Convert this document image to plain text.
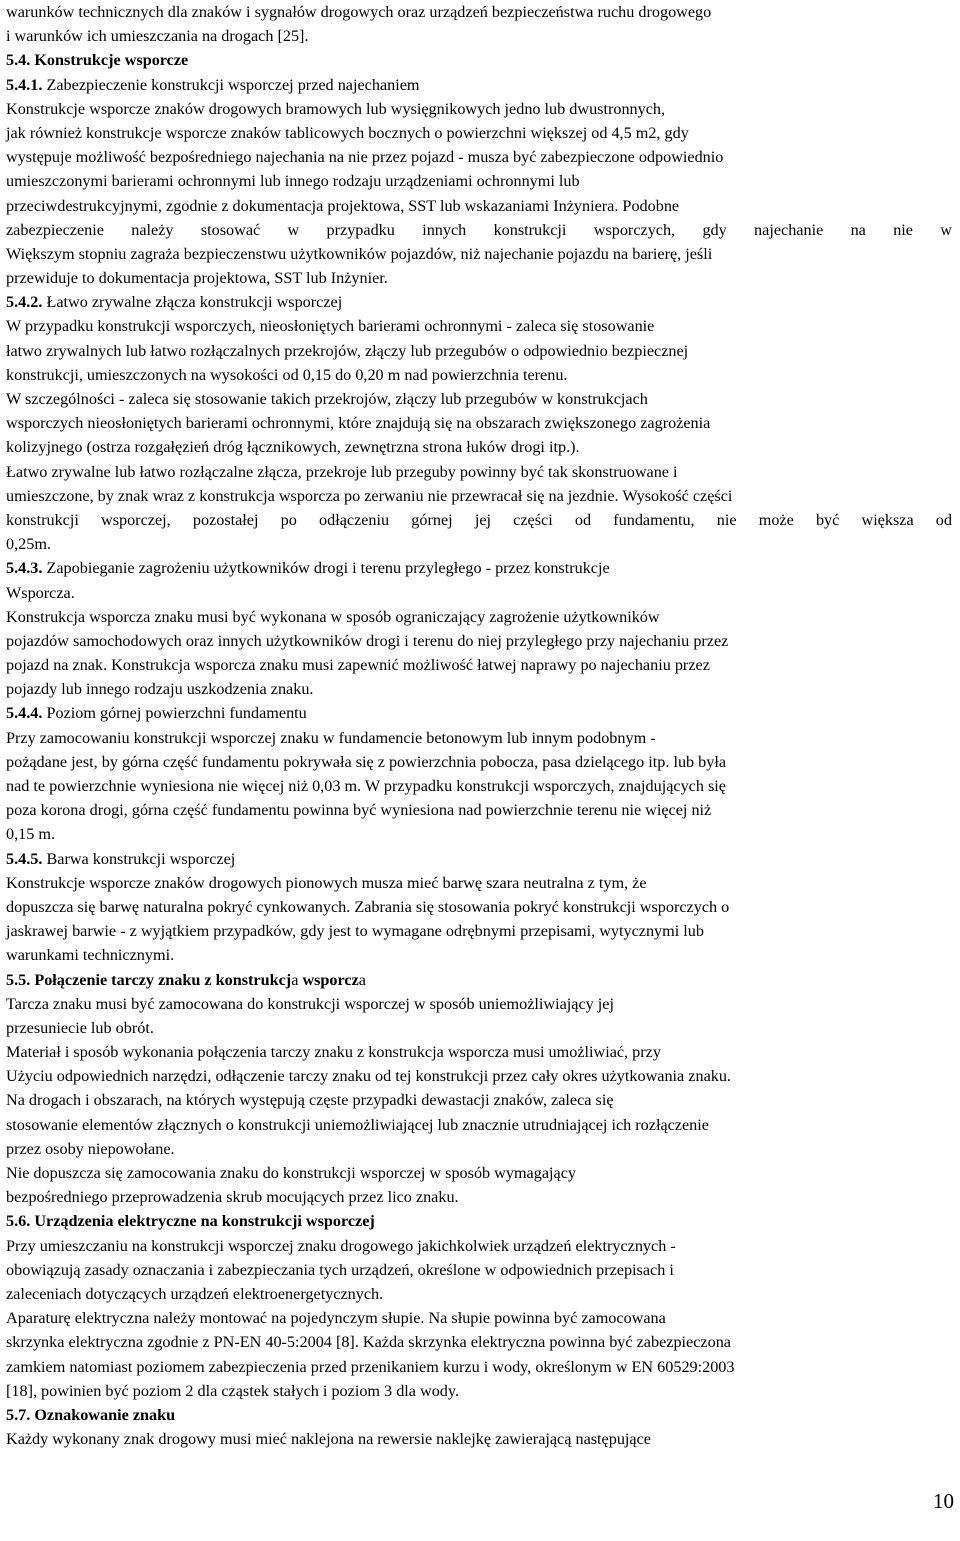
warunków technicznych dla znaków i sygnałów drogowych oraz urządzeń bezpieczeństwa ruchu drogowego
i warunków ich umieszczania na drogach [25].
5.4. Konstrukcje wsporcze
5.4.1. Zabezpieczenie konstrukcji wsporczej przed najechaniem
Konstrukcje wsporcze znaków drogowych bramowych lub wysięgnikowych jedno lub dwustronnych,
jak również konstrukcje wsporcze znaków tablicowych bocznych o powierzchni większej od 4,5 m2, gdy
występuje możliwość bezpośredniego najechania na nie przez pojazd - musza być zabezpieczone odpowiednio
umieszczonymi barierami ochronnymi lub innego rodzaju urządzeniami ochronnymi lub
przeciwdestrukcyjnymi, zgodnie z dokumentacja projektowa, SST lub wskazaniami Inżyniera. Podobne
zabezpieczenie należy stosować w przypadku innych konstrukcji wsporczych, gdy najechanie na nie w
Większym stopniu zagraża bezpieczenstwu użytkowników pojazdów, niż najechanie pojazdu na barierę, jeśli
przewiduje to dokumentacja projektowa, SST lub Inżynier.
5.4.2. Łatwo zrywalne złącza konstrukcji wsporczej
W przypadku konstrukcji wsporczych, nieosłoniętych barierami ochronnymi - zaleca się stosowanie
łatwo zrywalnych lub łatwo rozłączalnych przekrojów, złączy lub przegubów o odpowiednio bezpiecznej
konstrukcji, umieszczonych na wysokości od 0,15 do 0,20 m nad powierzchnia terenu.
W szczególności - zaleca się stosowanie takich przekrojów, złączy lub przegubów w konstrukcjach
wsporczych nieosłoniętych barierami ochronnymi, które znajdują się na obszarach zwiększonego zagrożenia
kolizyjnego (ostrza rozgałęzień dróg łącznikowych, zewnętrzna strona łuków drogi itp.).
Łatwo zrywalne lub łatwo rozłączalne złącza, przekroje lub przeguby powinny być tak skonstruowane i
umieszczone, by znak wraz z konstrukcja wsporcza po zerwaniu nie przewracał się na jezdnie. Wysokość części
konstrukcji wsporczej, pozostałej po odłączeniu górnej jej części od fundamentu, nie może być większa od
0,25m.
5.4.3. Zapobieganie zagrożeniu użytkowników drogi i terenu przyległego - przez konstrukcje
Wsporcza.
Konstrukcja wsporcza znaku musi być wykonana w sposób ograniczający zagrożenie użytkowników
pojazdów samochodowych oraz innych użytkowników drogi i terenu do niej przyległego przy najechaniu przez
pojazd na znak. Konstrukcja wsporcza znaku musi zapewnić możliwość łatwej naprawy po najechaniu przez
pojazdy lub innego rodzaju uszkodzenia znaku.
5.4.4. Poziom górnej powierzchni fundamentu
Przy zamocowaniu konstrukcji wsporczej znaku w fundamencie betonowym lub innym podobnym -
pożądane jest, by górna część fundamentu pokrywała się z powierzchnia pobocza, pasa dzielącego itp. lub była
nad te powierzchnie wyniesiona nie więcej niż 0,03 m. W przypadku konstrukcji wsporczych, znajdujących się
poza korona drogi, górna część fundamentu powinna być wyniesiona nad powierzchnie terenu nie więcej niż
0,15 m.
5.4.5. Barwa konstrukcji wsporczej
Konstrukcje wsporcze znaków drogowych pionowych musza mieć barwę szara neutralna z tym, że
dopuszcza się barwę naturalna pokryć cynkowanych. Zabrania się stosowania pokryć konstrukcji wsporczych o
jaskrawej barwie - z wyjątkiem przypadków, gdy jest to wymagane odrębnymi przepisami, wytycznymi lub
warunkami technicznymi.
5.5. Połączenie tarczy znaku z konstrukcja wsporcza
Tarcza znaku musi być zamocowana do konstrukcji wsporczej w sposób uniemożliwiający jej
przesuniecie lub obrót.
Materiał i sposób wykonania połączenia tarczy znaku z konstrukcja wsporcza musi umożliwiać, przy
Użyciu odpowiednich narzędzi, odłączenie tarczy znaku od tej konstrukcji przez cały okres użytkowania znaku.
Na drogach i obszarach, na których występują częste przypadki dewastacji znaków, zaleca się
stosowanie elementów złącznych o konstrukcji uniemożliwiającej lub znacznie utrudniającej ich rozłączenie
przez osoby niepowołane.
Nie dopuszcza się zamocowania znaku do konstrukcji wsporczej w sposób wymagający
bezpośredniego przeprowadzenia skrub mocujących przez lico znaku.
5.6. Urządzenia elektryczne na konstrukcji wsporczej
Przy umieszczaniu na konstrukcji wsporczej znaku drogowego jakichkolwiek urządzeń elektrycznych -
obowiązują zasady oznaczania i zabezpieczania tych urządzeń, określone w odpowiednich przepisach i
zaleceniach dotyczących urządzeń elektroenergetycznych.
Aparaturę elektryczna należy montować na pojedynczym słupie. Na słupie powinna być zamocowana
skrzynka elektryczna zgodnie z PN-EN 40-5:2004 [8]. Każda skrzynka elektryczna powinna być zabezpieczona
zamkiem natomiast poziomem zabezpieczenia przed przenikaniem kurzu i wody, określonym w EN 60529:2003
[18], powinien być poziom 2 dla cząstek stałych i poziom 3 dla wody.
5.7. Oznakowanie znaku
Każdy wykonany znak drogowy musi mieć naklejona na rewersie naklejkę zawierającą następujące
10
